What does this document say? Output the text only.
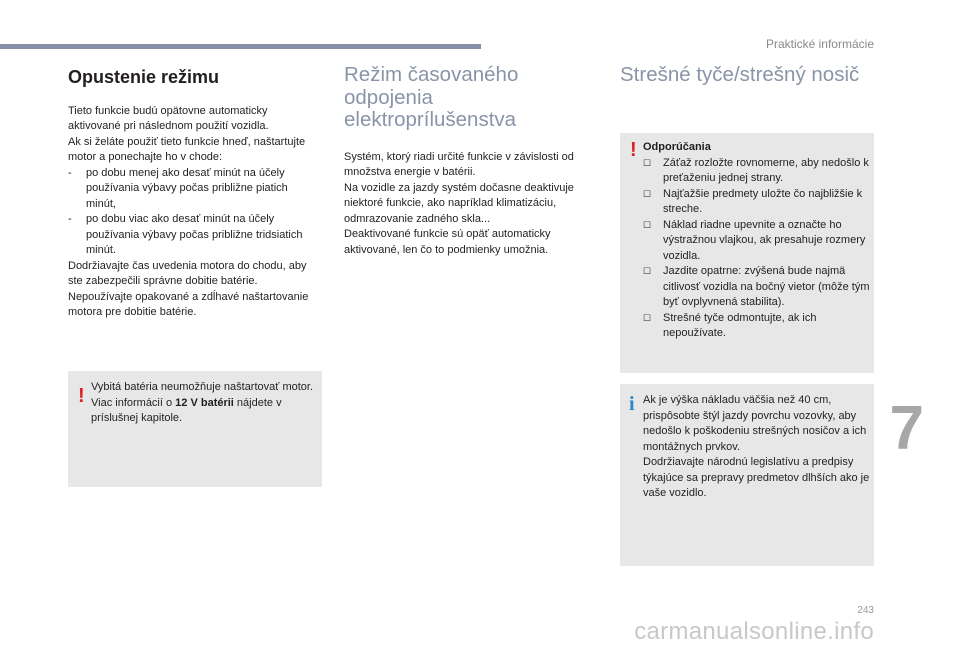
Praktické informácie
Opustenie režimu

Tieto funkcie budú opätovne automaticky aktivované pri následnom použití vozidla.

Ak si želáte použiť tieto funkcie hneď, naštartujte motor a ponechajte ho v chode:

- po dobu menej ako desať minút na účely používania výbavy počas približne piatich minút,
- po dobu viac ako desať minút na účely používania výbavy počas približne tridsiatich minút.

Dodržiavajte čas uvedenia motora do chodu, aby ste zabezpečili správne dobitie batérie.

Nepoužívajte opakované a zdĺhavé naštartovanie motora pre dobitie batérie.

! Vybitá batéria neumožňuje naštartovať motor.

Viac informácií o 12 V batérii nájdete v príslušnej kapitole.

Režim časovaného odpojenia elektroprílušenstva

Systém, ktorý riadi určité funkcie v závislosti od množstva energie v batérii.

Na vozidle za jazdy systém dočasne deaktivuje niektoré funkcie, ako napríklad klimatizáciu, odmrazovanie zadného skla...

Deaktivované funkcie sú opäť automaticky aktivované, len čo to podmienky umožnia.

Strešné tyče/strešný nosič
! Odporúčania

☐ Záťaž rozložte rovnomerne, aby nedošlo k preťaženiu jednej strany.
☐ Najťažšie predmety uložte čo najbližšie k streche.
☐ Náklad riadne upevnite a označte ho výstražnou vlajkou, ak presahuje rozmery vozidla.
☐ Jazdite opatrne: zvýšená bude najmä citlivosť vozidla na bočný vietor (môže tým byť ovplyvnená stabilita).
☐ Strešné tyče odmontujte, ak ich nepoužívate.
i Ak je výška nákladu väčšia než 40 cm, prispôsobte štýl jazdy povrchu vozovky, aby nedošlo k poškodeniu strešných nosičov a ich montážnych prvkov.

Dodržiavajte národnú legislatívu a predpisy týkajúce sa prepravy predmetov dlhších ako je vaše vozidlo.

7
243
carmanualsonline.info
